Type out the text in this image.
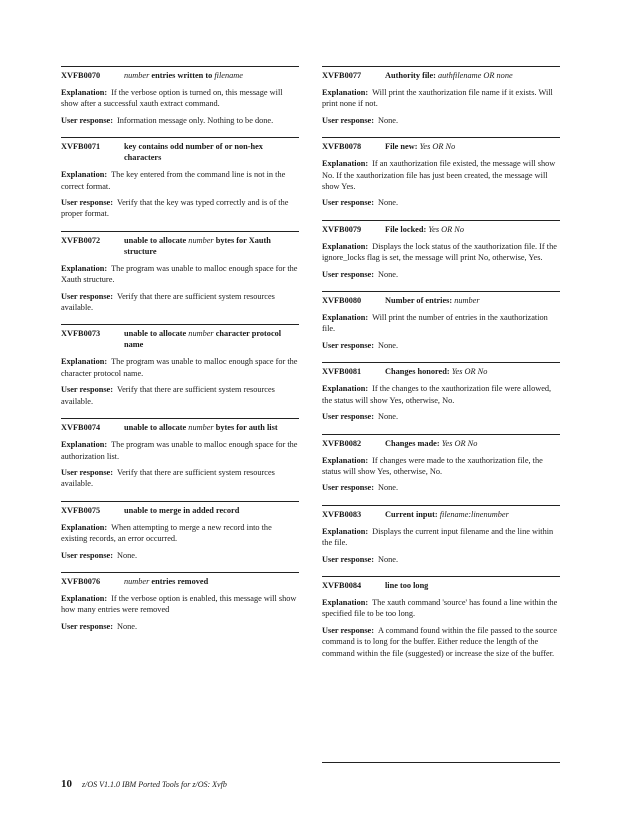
XVFB0070	number entries written to filename
Explanation: If the verbose option is turned on, this message will show after a successful xauth extract command.
User response: Information message only. Nothing to be done.
XVFB0071	key contains odd number of or non-hex characters
Explanation: The key entered from the command line is not in the correct format.
User response: Verify that the key was typed correctly and is of the proper format.
XVFB0072	unable to allocate number bytes for Xauth structure
Explanation: The program was unable to malloc enough space for the Xauth structure.
User response: Verify that there are sufficient system resources available.
XVFB0073	unable to allocate number character protocol name
Explanation: The program was unable to malloc enough space for the character protocol name.
User response: Verify that there are sufficient system resources available.
XVFB0074	unable to allocate number bytes for auth list
Explanation: The program was unable to malloc enough space for the authorization list.
User response: Verify that there are sufficient system resources available.
XVFB0075	unable to merge in added record
Explanation: When attempting to merge a new record into the existing records, an error occurred.
User response: None.
XVFB0076	number entries removed
Explanation: If the verbose option is enabled, this message will show how many entries were removed
User response: None.
XVFB0077	Authority file: authfilename OR none
Explanation: Will print the xauthorization file name if it exists. Will print none if not.
User response: None.
XVFB0078	File new: Yes OR No
Explanation: If an xauthorization file existed, the message will show No. If the xauthorization file has just been created, the message will show Yes.
User response: None.
XVFB0079	File locked: Yes OR No
Explanation: Displays the lock status of the xauthorization file. If the ignore_locks flag is set, the message will print No, otherwise, Yes.
User response: None.
XVFB0080	Number of entries: number
Explanation: Will print the number of entries in the xauthorization file.
User response: None.
XVFB0081	Changes honored: Yes OR No
Explanation: If the changes to the xauthorization file were allowed, the status will show Yes, otherwise, No.
User response: None.
XVFB0082	Changes made: Yes OR No
Explanation: If changes were made to the xauthorization file, the status will show Yes, otherwise, No.
User response: None.
XVFB0083	Current input: filename:linenumber
Explanation: Displays the current input filename and the line within the file.
User response: None.
XVFB0084	line too long
Explanation: The xauth command 'source' has found a line within the specified file to be too long.
User response: A command found within the file passed to the source command is to long for the buffer. Either reduce the length of the command within the file (suggested) or increase the size of the buffer.
10 z/OS V1.1.0 IBM Ported Tools for z/OS: Xvfb
